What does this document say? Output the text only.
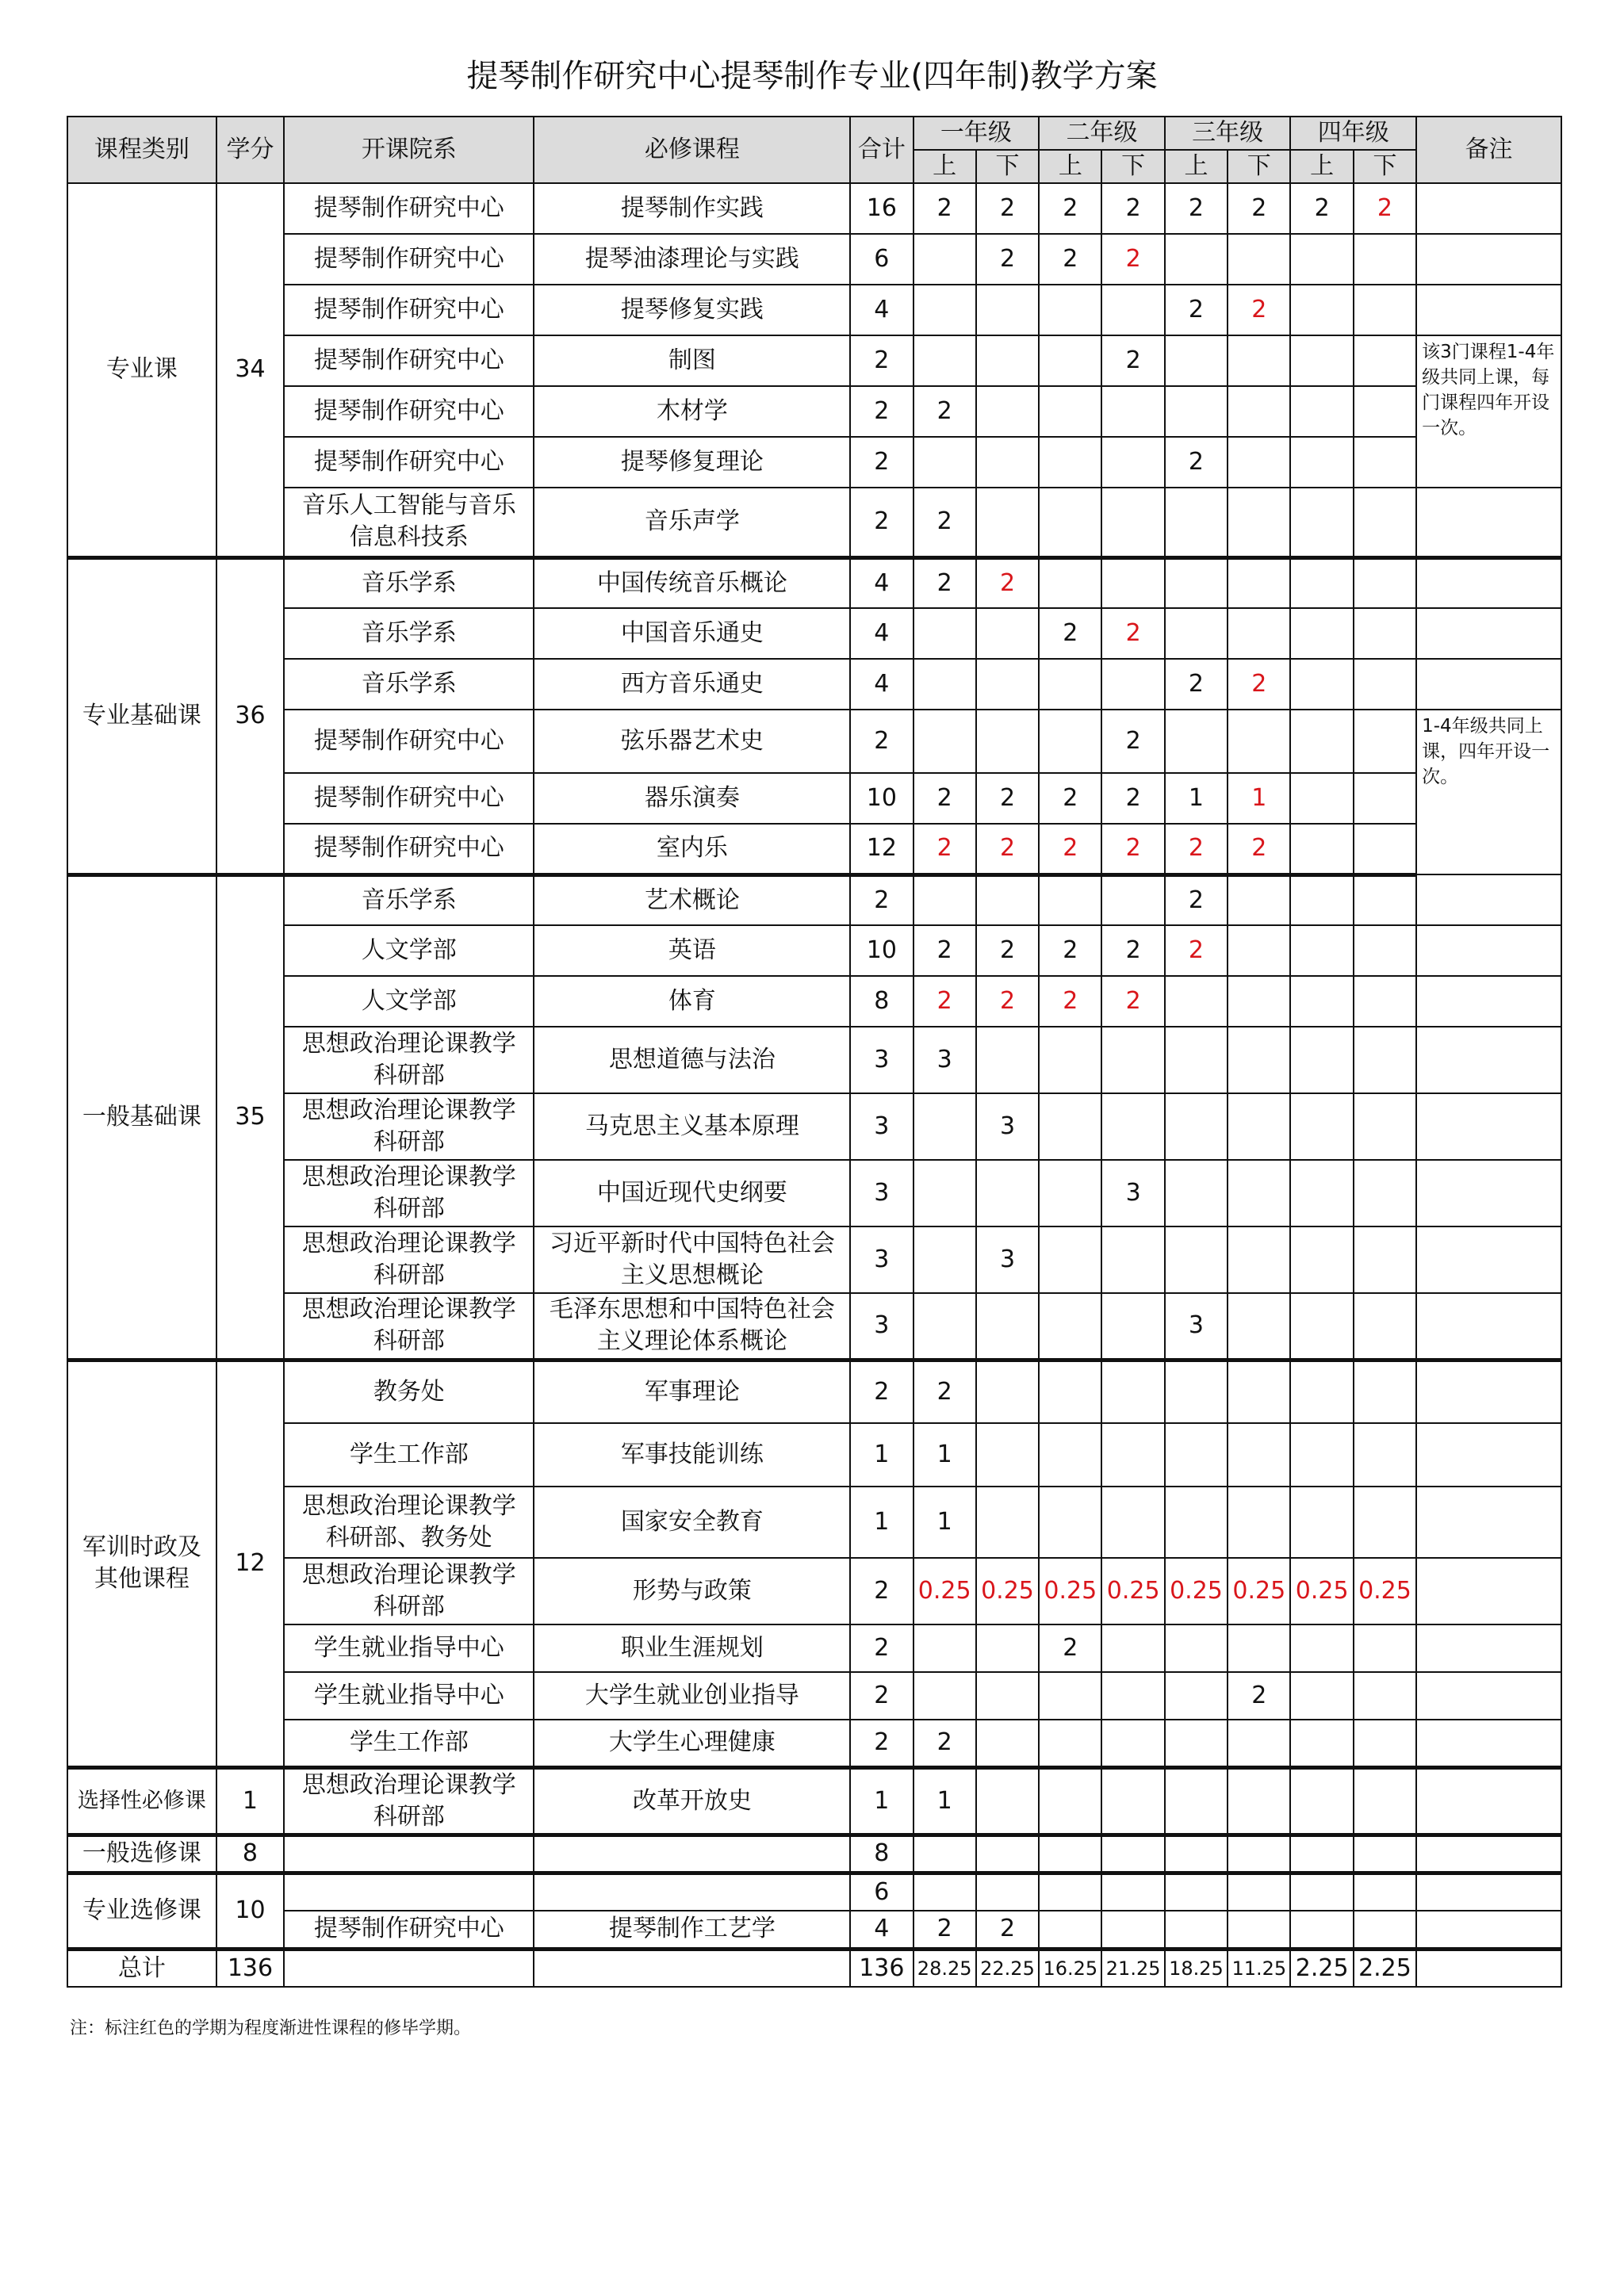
提琴制作研究中心提琴制作专业(四年制)教学方案
课程类别	学分	开课院系	必修课程	合计	一年级		二年级		三年级		四年级		备注
					上	下	上	下	上	下	上	下	
专业课	34	提琴制作研究中心	提琴制作实践	16	2	2	2	2	2	2	2	2	
		提琴制作研究中心	提琴油漆理论与实践	6		2	2	2					
		提琴制作研究中心	提琴修复实践	4					2	2			
		提琴制作研究中心	制图	2				2					该3门课程1-4年级共同上课，每门课程四年开设一次。
		提琴制作研究中心	木材学	2	2								
		提琴制作研究中心	提琴修复理论	2					2				
		音乐人工智能与音乐信息科技系	音乐声学	2	2								
专业基础课	36	音乐学系	中国传统音乐概论	4	2	2							
		音乐学系	中国音乐通史	4			2	2					
		音乐学系	西方音乐通史	4					2	2			
		提琴制作研究中心	弦乐器艺术史	2				2					1-4年级共同上课，四年开设一次。
		提琴制作研究中心	器乐演奏	10	2	2	2	2	1	1			
		提琴制作研究中心	室内乐	12	2	2	2	2	2	2			
一般基础课	35	音乐学系	艺术概论	2					2				
		人文学部	英语	10	2	2	2	2	2				
		人文学部	体育	8	2	2	2	2					
		思想政治理论课教学科研部	思想道德与法治	3	3								
		思想政治理论课教学科研部	马克思主义基本原理	3		3							
		思想政治理论课教学科研部	中国近现代史纲要	3				3					
		思想政治理论课教学科研部	习近平新时代中国特色社会主义思想概论	3		3							
		思想政治理论课教学科研部	毛泽东思想和中国特色社会主义理论体系概论	3					3				
军训时政及其他课程	12	教务处	军事理论	2	2								
		学生工作部	军事技能训练	1	1								
		思想政治理论课教学科研部、教务处	国家安全教育	1	1								
		思想政治理论课教学科研部	形势与政策	2	0.25	0.25	0.25	0.25	0.25	0.25	0.25	0.25	
		学生就业指导中心	职业生涯规划	2			2						
		学生就业指导中心	大学生就业创业指导	2						2			
		学生工作部	大学生心理健康	2	2								
选择性必修课	1	思想政治理论课教学科研部	改革开放史	1	1								
一般选修课	8			8									
专业选修课	10			6									
		提琴制作研究中心	提琴制作工艺学	4	2	2							
总计	136			136	28.25	22.25	16.25	21.25	18.25	11.25	2.25	2.25	
注：标注红色的学期为程度渐进性课程的修毕学期。
